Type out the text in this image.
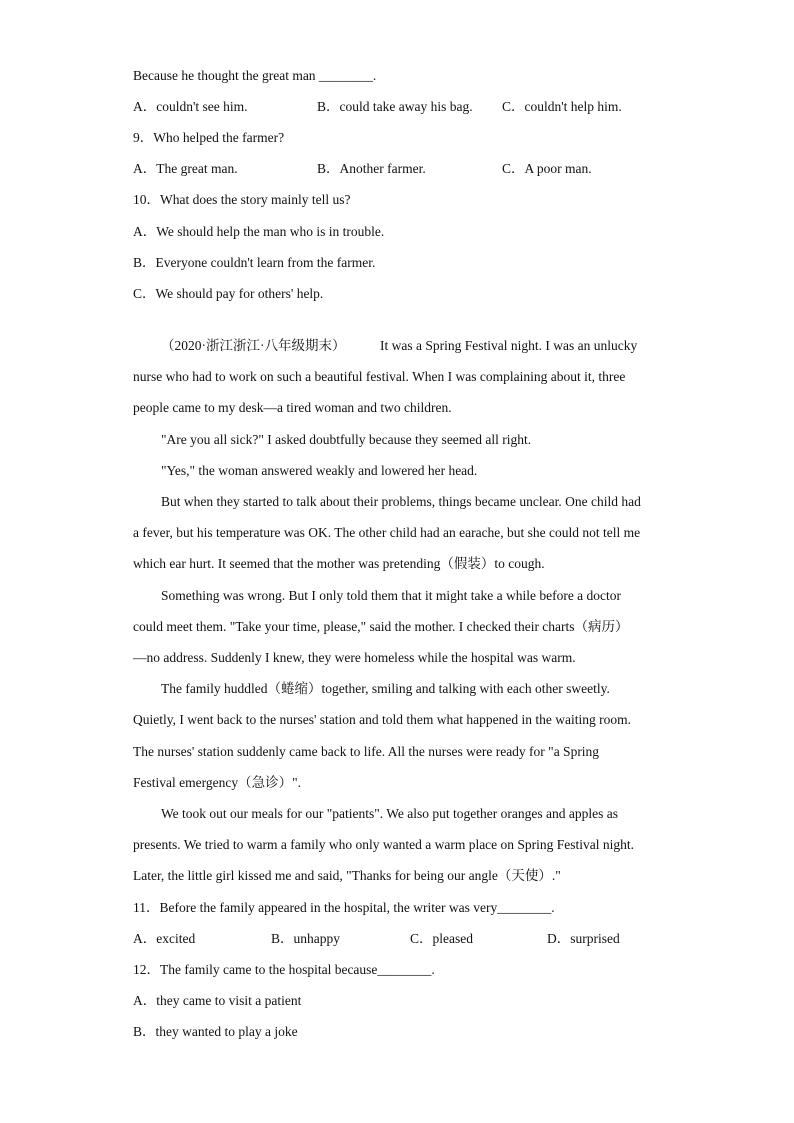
Because he thought the great man ________.
A．couldn't see him.	B．could take away his bag. C．couldn't help him.
9．Who helped the farmer?
A．The great man.	B．Another farmer.	C．A poor man.
10．What does the story mainly tell us?
A．We should help the man who is in trouble.
B．Everyone couldn't learn from the farmer.
C．We should pay for others' help.
（2020·浙江浙江·八年级期末）	It was a Spring Festival night. I was an unlucky
nurse who had to work on such a beautiful festival. When I was complaining about it, three
people came to my desk—a tired woman and two children.
"Are you all sick?" I asked doubtfully because they seemed all right.
"Yes," the woman answered weakly and lowered her head.
But when they started to talk about their problems, things became unclear. One child had
a fever, but his temperature was OK. The other child had an earache, but she could not tell me
which ear hurt. It seemed that the mother was pretending（假装）to cough.
Something was wrong. But I only told them that it might take a while before a doctor
could meet them. "Take your time, please," said the mother. I checked their charts（病历）
—no address. Suddenly I knew, they were homeless while the hospital was warm.
The family huddled（蜷缩）together, smiling and talking with each other sweetly.
Quietly, I went back to the nurses' station and told them what happened in the waiting room.
The nurses' station suddenly came back to life. All the nurses were ready for "a Spring
Festival emergency（急诊）".
We took out our meals for our "patients". We also put together oranges and apples as
presents. We tried to warm a family who only wanted a warm place on Spring Festival night.
Later, the little girl kissed me and said, "Thanks for being our angle（天使）."
11．Before the family appeared in the hospital, the writer was very________.
A．excited	B．unhappy	C．pleased	D．surprised
12．The family came to the hospital because________.
A．they came to visit a patient
B．they wanted to play a joke
